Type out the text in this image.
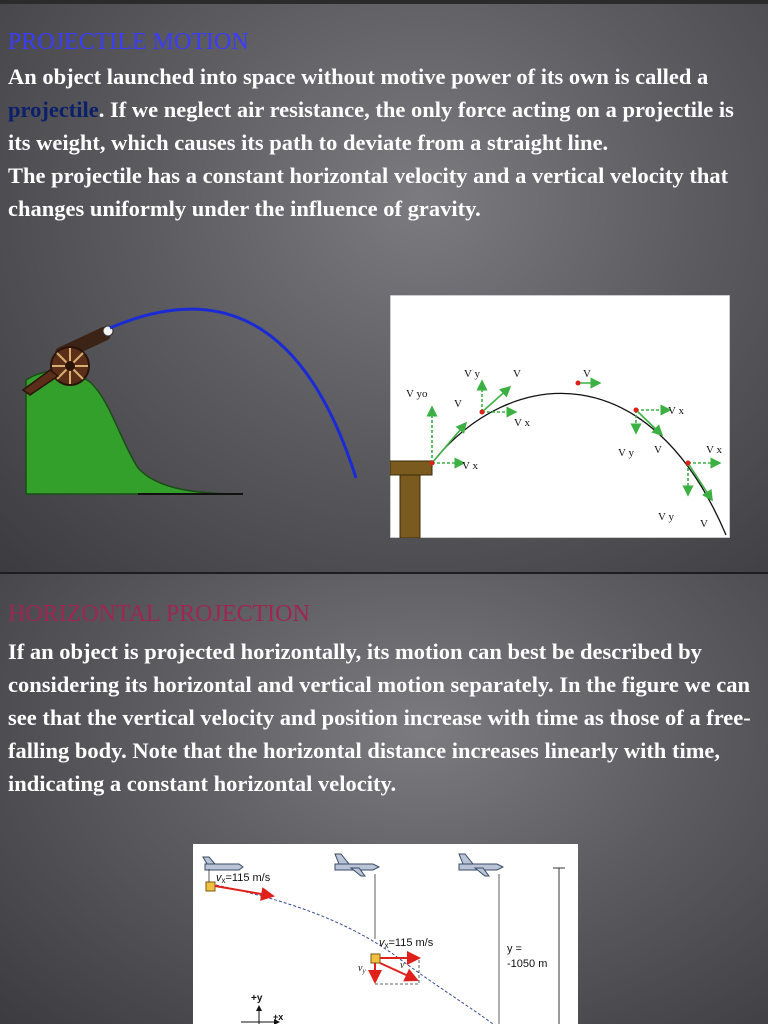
PROJECTILE MOTION
An object launched into space without motive power of its own is called a projectile. If we neglect air resistance, the only force acting on a projectile is its weight, which causes its path to deviate from a straight line.
The projectile has a constant horizontal velocity and a vertical velocity that changes uniformly under the influence of gravity.
V yo
V
V x
V y	V
V x
V
V x
V y V	V x
V y
V
HORIZONTAL PROJECTION

If an object is projected horizontally, its motion can best be described by considering its horizontal and vertical motion separately. In the figure we can see that the vertical velocity and position increase with time as those of a free-falling body. Note that the horizontal distance increases linearly with time, indicating a constant horizontal velocity.

vx=115 m/s
vx=115 m/s
$v_y$	v
y =
-1050 m
+y
+x
